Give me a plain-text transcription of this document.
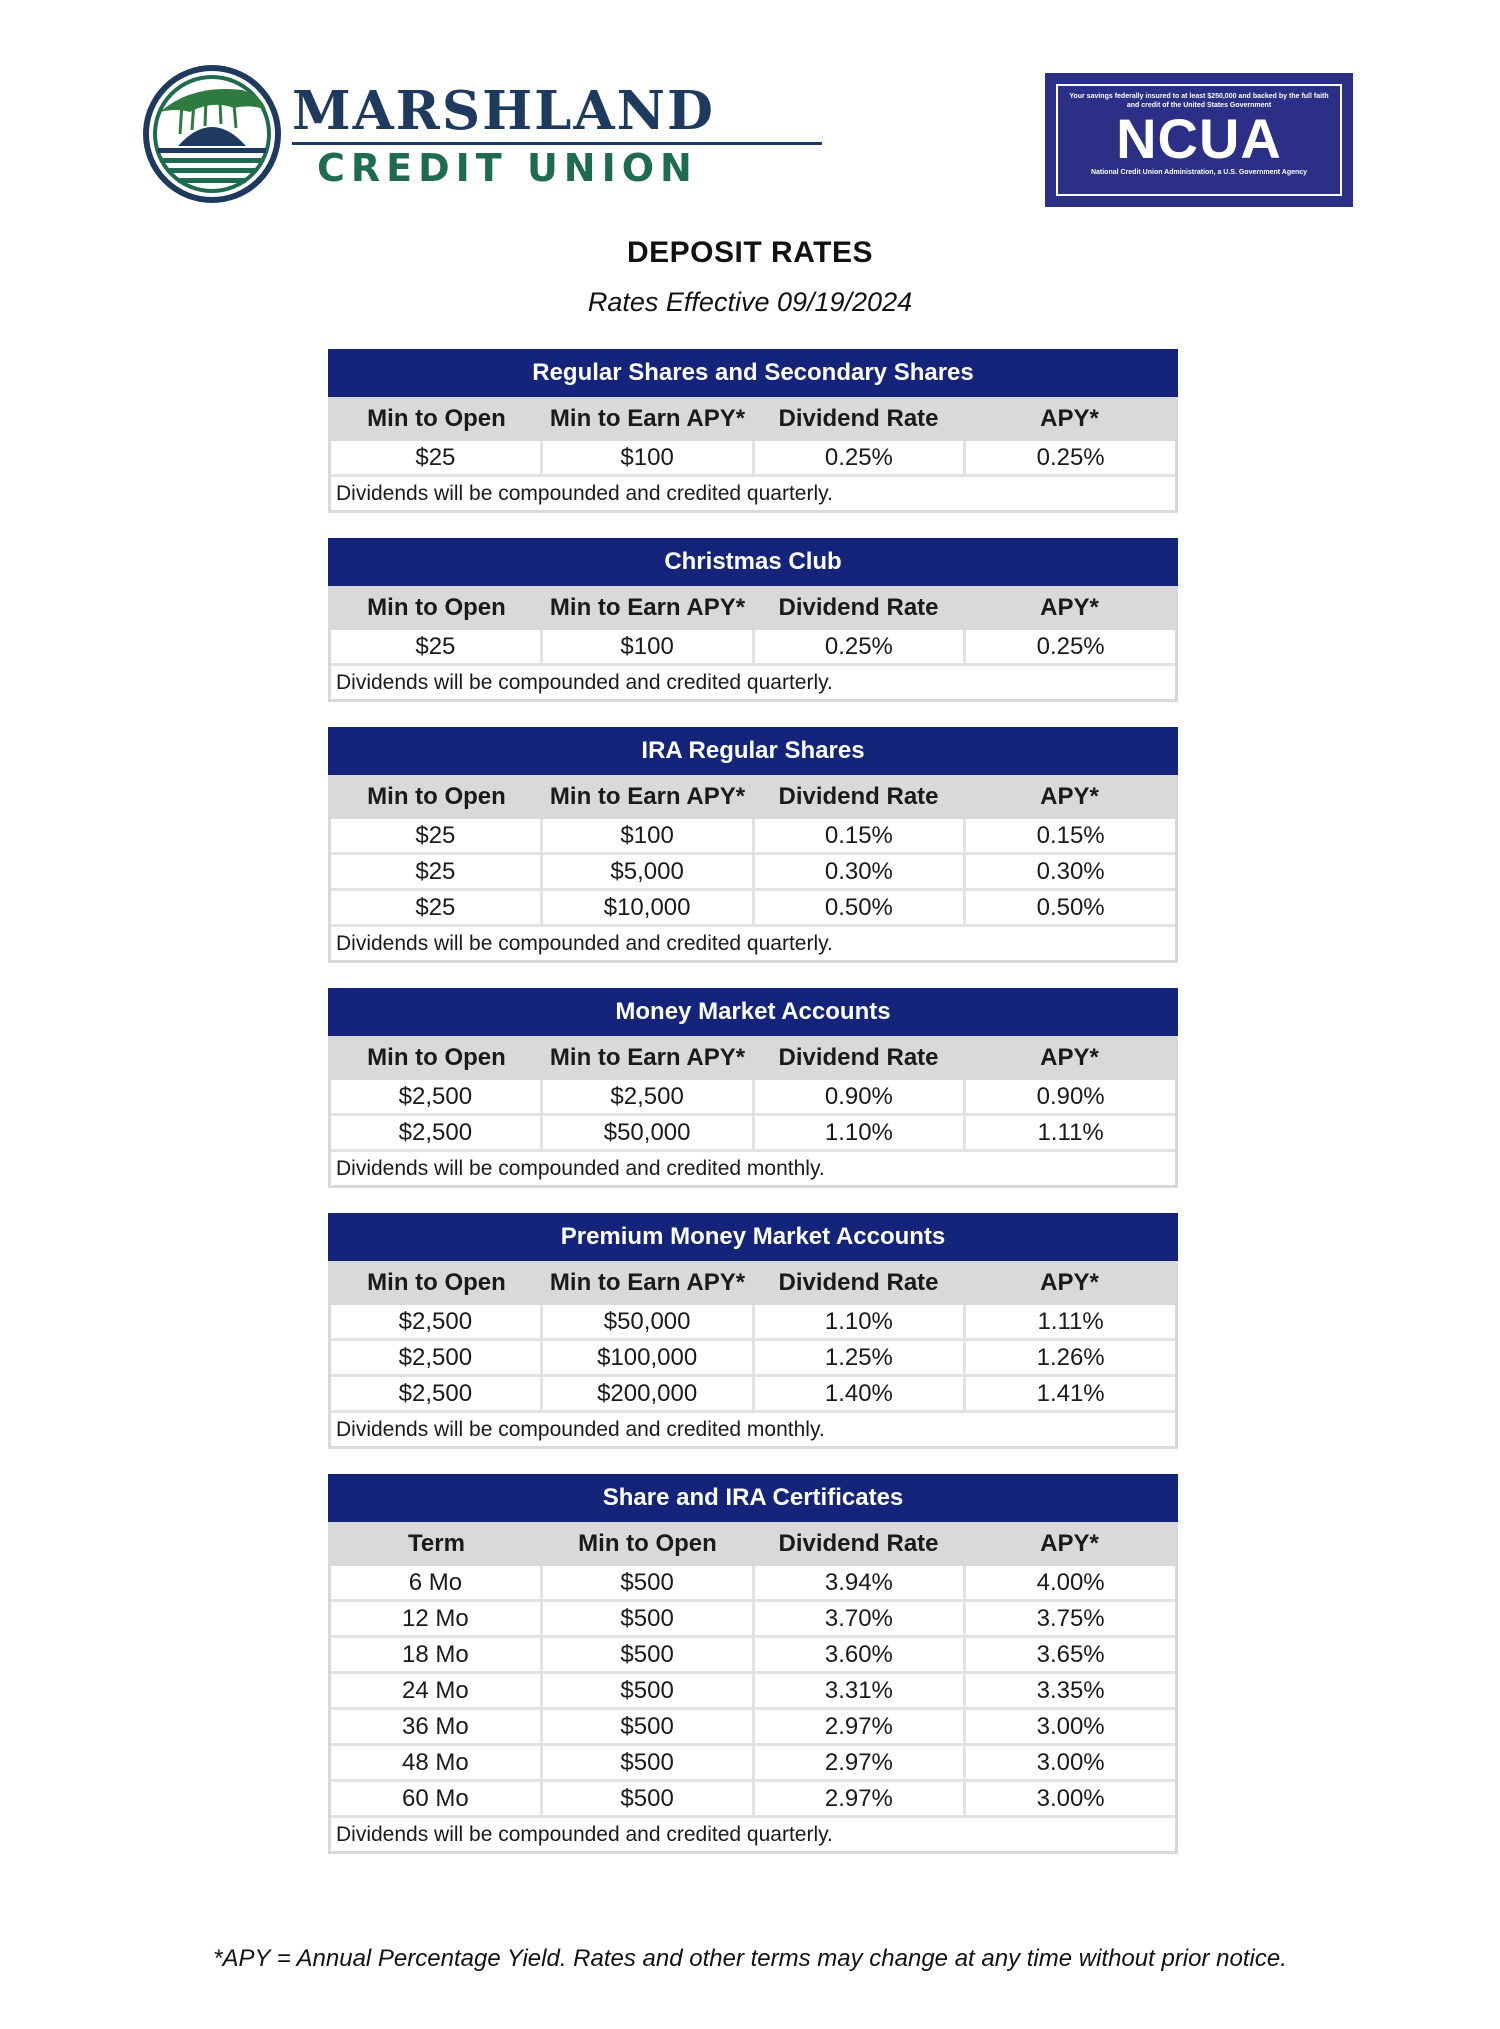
MARSHLAND
CREDIT UNION
Your savings federally insured to at least $250,000 and backed by the full faith and credit of the United States Government
NCUA
National Credit Union Administration, a U.S. Government Agency
DEPOSIT RATES
Rates Effective 09/19/2024
Regular Shares and Secondary Shares
Min to Open	Min to Earn APY*	Dividend Rate	APY*
$25	$100	0.25%	0.25%
Dividends will be compounded and credited quarterly.
Christmas Club
Min to Open	Min to Earn APY*	Dividend Rate	APY*
$25	$100	0.25%	0.25%
Dividends will be compounded and credited quarterly.
IRA Regular Shares
Min to Open	Min to Earn APY*	Dividend Rate	APY*
$25	$100	0.15%	0.15%
$25	$5,000	0.30%	0.30%
$25	$10,000	0.50%	0.50%
Dividends will be compounded and credited quarterly.
Money Market Accounts
Min to Open	Min to Earn APY*	Dividend Rate	APY*
$2,500	$2,500	0.90%	0.90%
$2,500	$50,000	1.10%	1.11%
Dividends will be compounded and credited monthly.
Premium Money Market Accounts
Min to Open	Min to Earn APY*	Dividend Rate	APY*
$2,500	$50,000	1.10%	1.11%
$2,500	$100,000	1.25%	1.26%
$2,500	$200,000	1.40%	1.41%
Dividends will be compounded and credited monthly.
Share and IRA Certificates
Term	Min to Open	Dividend Rate	APY*
6 Mo	$500	3.94%	4.00%
12 Mo	$500	3.70%	3.75%
18 Mo	$500	3.60%	3.65%
24 Mo	$500	3.31%	3.35%
36 Mo	$500	2.97%	3.00%
48 Mo	$500	2.97%	3.00%
60 Mo	$500	2.97%	3.00%
Dividends will be compounded and credited quarterly.
*APY = Annual Percentage Yield. Rates and other terms may change at any time without prior notice.
